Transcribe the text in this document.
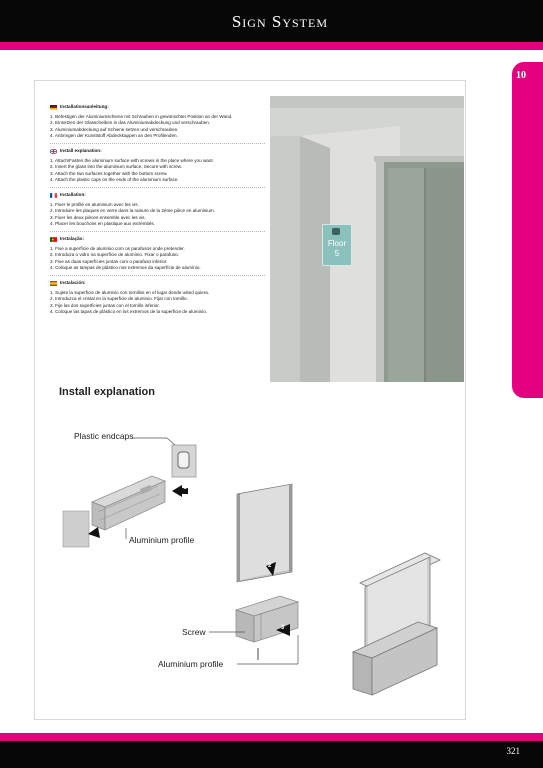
Sign System
10
Installationsanleitung:
1. Befestigen der Aluminiumschiene mit Schrauben in gewünschter Position an der Wand.
2. Einsetzen der Glasscheiben in das Aluminiumabdeckung und verschrauben.
3. Aluminiumabdeckung auf Schiene setzen und verschrauben.
4. Anbringen der Kunststoff Abdeckkappen an den Profilenden.
Install explanation:
1. Attach/Fasten the aluminium surface with screws in the place where you want.
2. Insert the glass into the aluminium surface. Secure with screw.
3. Attach the two surfaces together with the bottom screw.
4. Attach the plastic caps on the ends of the aluminium surface.
Installation:
1. Fixer le profilé en aluminium avec les vis.
2. Introduire les plaques en verre dans la rainure de la 2ème pièce en aluminium.
3. Fixer les deux pièces ensemble avec les vis.
4. Placer les bouchons en plastique aux extrémités.
Instalação:
1. Fixe a superfície de alumínio com os parafusos onde pretender.
2. Introduza o vidro na superfície de alumínio. Fixar o parafuso.
3. Fixe as duas superfícies juntas com o parafuso inferior.
4. Coloque as tampas de plástico nos extremos da superfície de alumínio.
Instalación:
1. Sujete la superficie de aluminio con tornillos en el lugar donde usted quiera.
2. Introduzca el cristal en la superficie de aluminio. Fijar con tornillo.
3. Fije las dos superficies juntas con el tornillo inferior.
4. Coloque las tapas de plástico en los extremos de la superficie de aluminio.
Floor
5
Install explanation
Plastic endcaps
Aluminium profile
Screw
Aluminium profile
1
2
3
321
